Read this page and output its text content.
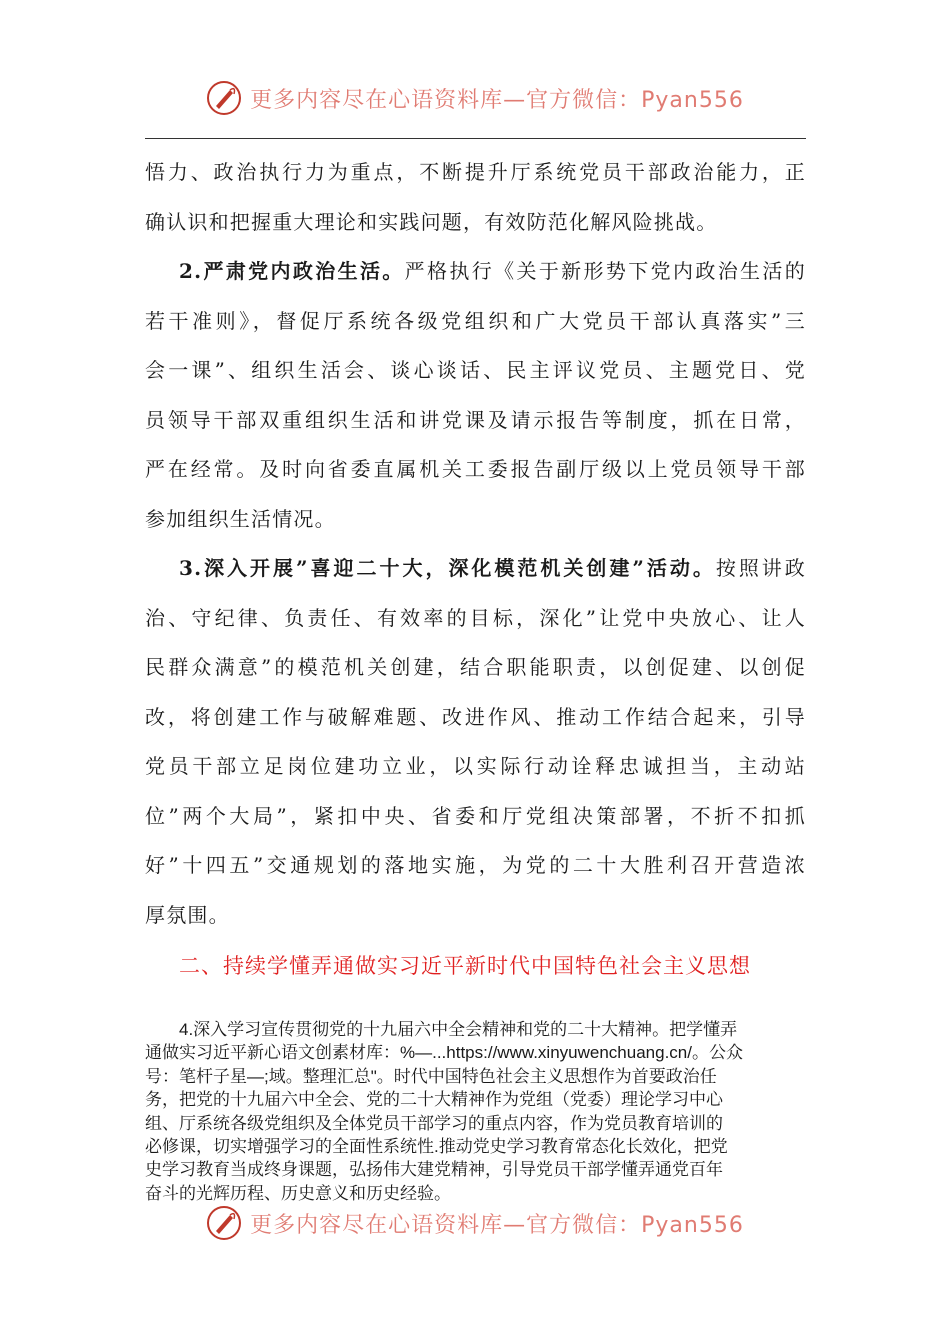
更多内容尽在心语资料库—官方微信：Pyan556
悟力、政治执行力为重点，不断提升厅系统党员干部政治能力，正
确认识和把握重大理论和实践问题，有效防范化解风险挑战。
2.严肃党内政治生活。严格执行《关于新形势下党内政治生活的
若干准则》，督促厅系统各级党组织和广大党员干部认真落实”三
会一课”、组织生活会、谈心谈话、民主评议党员、主题党日、党
员领导干部双重组织生活和讲党课及请示报告等制度，抓在日常，
严在经常。及时向省委直属机关工委报告副厅级以上党员领导干部
参加组织生活情况。
3.深入开展”喜迎二十大，深化模范机关创建”活动。按照讲政
治、守纪律、负责任、有效率的目标，深化”让党中央放心、让人
民群众满意”的模范机关创建，结合职能职责，以创促建、以创促
改，将创建工作与破解难题、改进作风、推动工作结合起来，引导
党员干部立足岗位建功立业，以实际行动诠释忠诚担当，主动站
位”两个大局”，紧扣中央、省委和厅党组决策部署，不折不扣抓
好”十四五”交通规划的落地实施，为党的二十大胜利召开营造浓
厚氛围。
二、持续学懂弄通做实习近平新时代中国特色社会主义思想
4.深入学习宣传贯彻党的十九届六中全会精神和党的二十大精神。把学懂弄
通做实习近平新心语文创素材库：%—...https://www.xinyuwenchuang.cn/。公众
号：笔杆子星—;域。整理汇总"。时代中国特色社会主义思想作为首要政治任
务，把党的十九届六中全会、党的二十大精神作为党组（党委）理论学习中心
组、厅系统各级党组织及全体党员干部学习的重点内容，作为党员教育培训的
必修课，切实增强学习的全面性系统性.推动党史学习教育常态化长效化，把党
史学习教育当成终身课题，弘扬伟大建党精神，引导党员干部学懂弄通党百年
奋斗的光辉历程、历史意义和历史经验。
更多内容尽在心语资料库—官方微信：Pyan556
